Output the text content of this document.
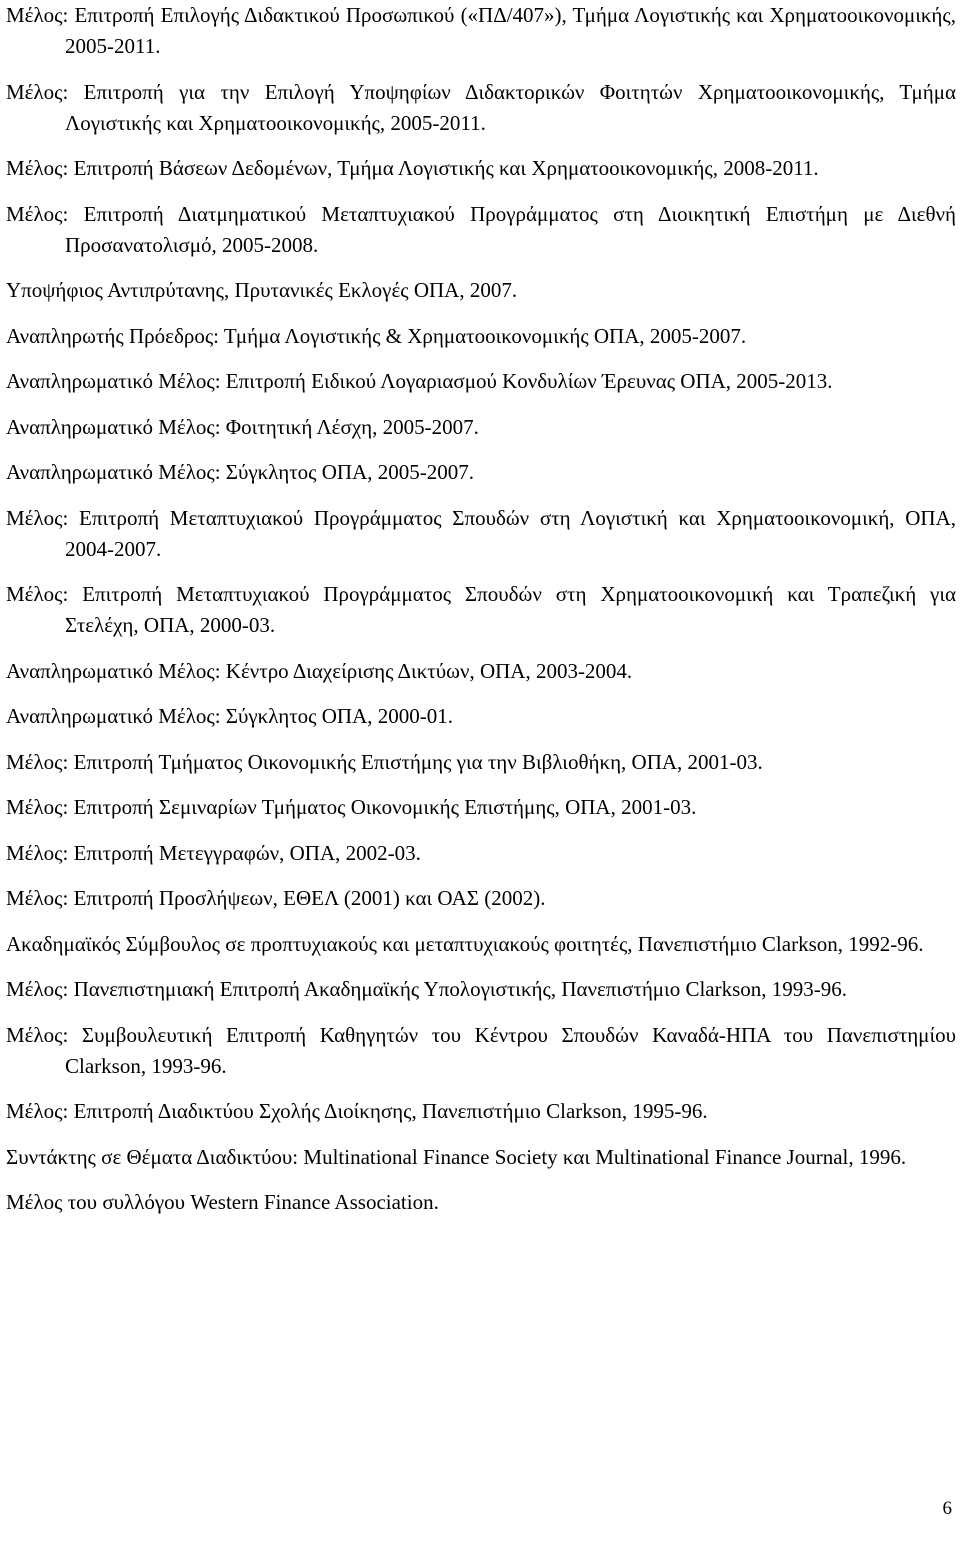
Μέλος: Επιτροπή Επιλογής Διδακτικού Προσωπικού («ΠΔ/407»), Τμήμα Λογιστικής και Χρηματοοικονομικής, 2005-2011.

Μέλος: Επιτροπή για την Επιλογή Υποψηφίων Διδακτορικών Φοιτητών Χρηματοοικονομικής, Τμήμα Λογιστικής και Χρηματοοικονομικής, 2005-2011.

Μέλος: Επιτροπή Βάσεων Δεδομένων, Τμήμα Λογιστικής και Χρηματοοικονομικής, 2008-2011.

Μέλος: Επιτροπή Διατμηματικού Μεταπτυχιακού Προγράμματος στη Διοικητική Επιστήμη με Διεθνή Προσανατολισμό, 2005-2008.

Υποψήφιος Αντιπρύτανης, Πρυτανικές Εκλογές ΟΠΑ, 2007.

Αναπληρωτής Πρόεδρος: Τμήμα Λογιστικής & Χρηματοοικονομικής ΟΠΑ, 2005-2007.

Αναπληρωματικό Μέλος: Επιτροπή Ειδικού Λογαριασμού Κονδυλίων Έρευνας ΟΠΑ, 2005-2013.

Αναπληρωματικό Μέλος: Φοιτητική Λέσχη, 2005-2007.

Αναπληρωματικό Μέλος: Σύγκλητος ΟΠΑ, 2005-2007.

Μέλος: Επιτροπή Μεταπτυχιακού Προγράμματος Σπουδών στη Λογιστική και Χρηματοοικονομική, ΟΠΑ, 2004-2007.

Μέλος: Επιτροπή Μεταπτυχιακού Προγράμματος Σπουδών στη Χρηματοοικονομική και Τραπεζική για Στελέχη, ΟΠΑ, 2000-03.

Αναπληρωματικό Μέλος: Κέντρο Διαχείρισης Δικτύων, ΟΠΑ, 2003-2004.

Αναπληρωματικό Μέλος: Σύγκλητος ΟΠΑ, 2000-01.

Μέλος: Επιτροπή Τμήματος Οικονομικής Επιστήμης για την Βιβλιοθήκη, ΟΠΑ, 2001-03.

Μέλος: Επιτροπή Σεμιναρίων Τμήματος Οικονομικής Επιστήμης, ΟΠΑ, 2001-03.

Μέλος: Επιτροπή Μετεγγραφών, ΟΠΑ, 2002-03.

Μέλος: Επιτροπή Προσλήψεων, ΕΘΕΛ (2001) και ΟΑΣ (2002).

Ακαδημαϊκός Σύμβουλος σε προπτυχιακούς και μεταπτυχιακούς φοιτητές, Πανεπιστήμιο Clarkson, 1992-96.

Μέλος: Πανεπιστημιακή Επιτροπή Ακαδημαϊκής Υπολογιστικής, Πανεπιστήμιο Clarkson, 1993-96.

Μέλος: Συμβουλευτική Επιτροπή Καθηγητών του Κέντρου Σπουδών Καναδά-ΗΠΑ του Πανεπιστημίου Clarkson, 1993-96.

Μέλος: Επιτροπή Διαδικτύου Σχολής Διοίκησης, Πανεπιστήμιο Clarkson, 1995-96.

Συντάκτης σε Θέματα Διαδικτύου: Multinational Finance Society και Multinational Finance Journal, 1996.

Μέλος του συλλόγου Western Finance Association.

6
